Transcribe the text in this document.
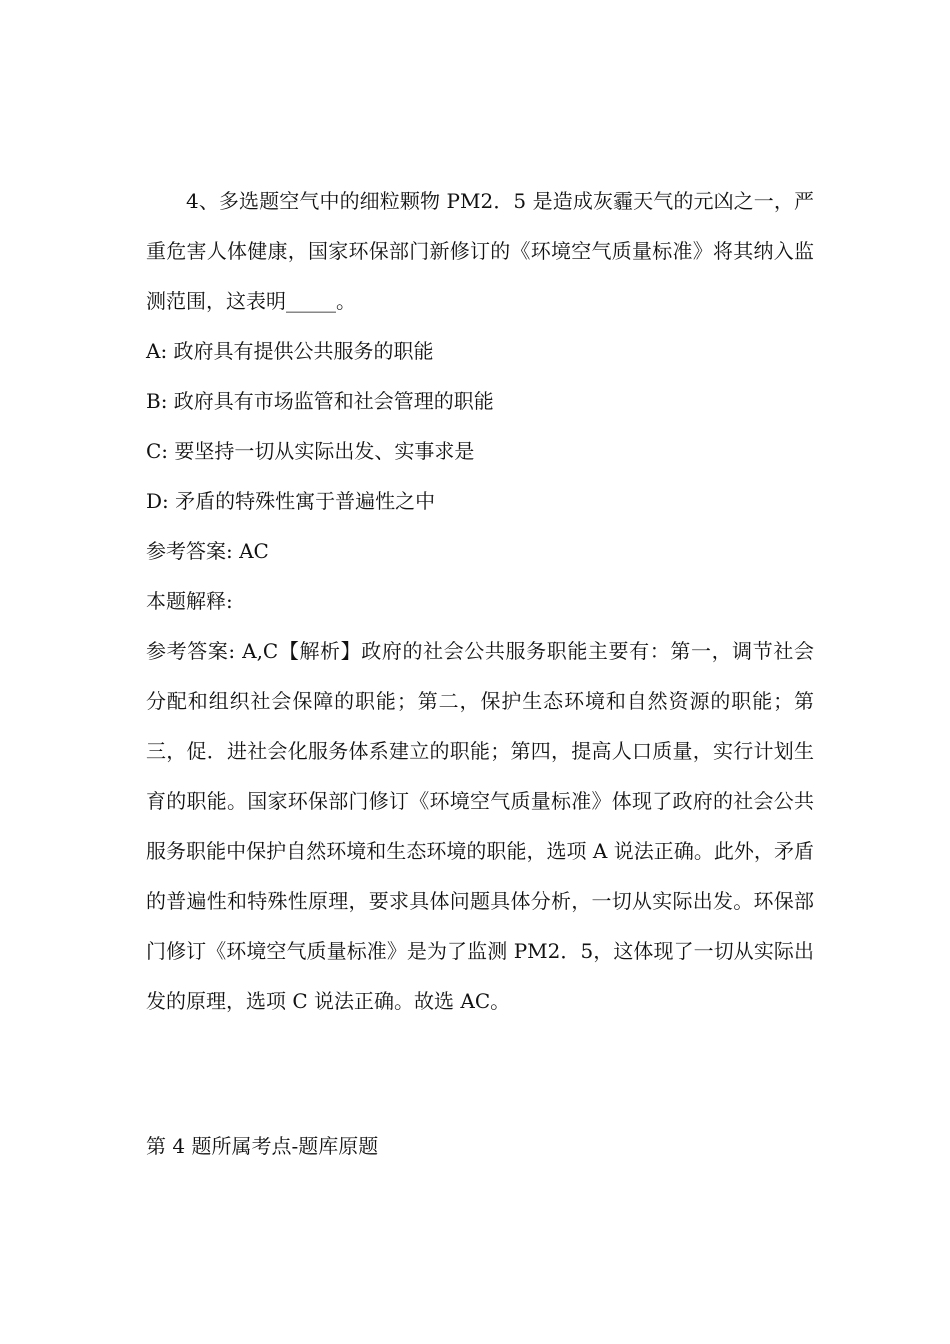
4、多选题空气中的细粒颗物 PM2．5 是造成灰霾天气的元凶之一，严重危害人体健康，国家环保部门新修订的《环境空气质量标准》将其纳入监测范围，这表明_____。

A: 政府具有提供公共服务的职能

B: 政府具有市场监管和社会管理的职能

C: 要坚持一切从实际出发、实事求是

D: 矛盾的特殊性寓于普遍性之中

参考答案: AC

本题解释:

参考答案: A,C【解析】政府的社会公共服务职能主要有：第一，调节社会分配和组织社会保障的职能；第二，保护生态环境和自然资源的职能；第三，促．进社会化服务体系建立的职能；第四，提高人口质量，实行计划生育的职能。国家环保部门修订《环境空气质量标准》体现了政府的社会公共服务职能中保护自然环境和生态环境的职能，选项 A 说法正确。此外，矛盾的普遍性和特殊性原理，要求具体问题具体分析，一切从实际出发。环保部门修订《环境空气质量标准》是为了监测 PM2．5，这体现了一切从实际出发的原理，选项 C 说法正确。故选 AC。

第 4 题所属考点-题库原题
